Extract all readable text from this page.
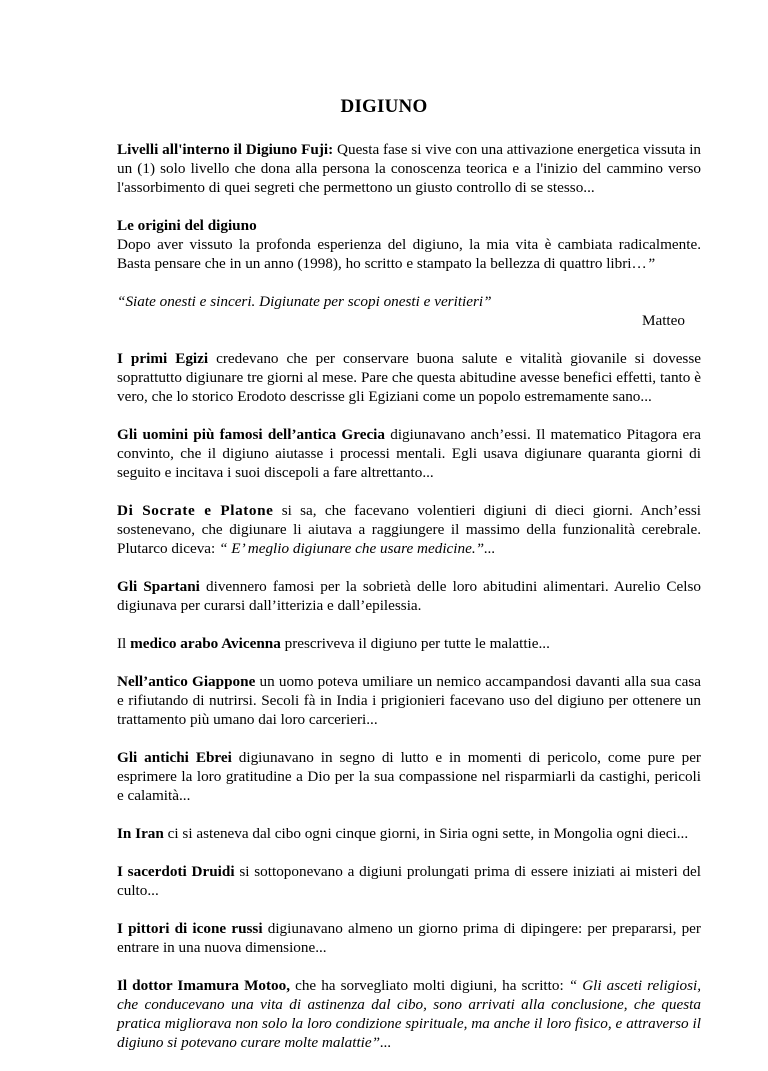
DIGIUNO

Livelli all'interno il Digiuno Fuji: Questa fase si vive con una attivazione energetica vissuta in un (1) solo livello che dona alla persona la conoscenza teorica e a l'inizio del cammino verso l'assorbimento di quei segreti che permettono un giusto controllo di se stesso...

Le origini del digiuno
Dopo aver vissuto la profonda esperienza del digiuno, la mia vita è cambiata radicalmente. Basta pensare che in un anno (1998), ho scritto e stampato la bellezza di quattro libri…”

“Siate onesti e sinceri. Digiunate per scopi onesti e veritieri”

Matteo

I primi Egizi credevano che per conservare buona salute e vitalità giovanile si dovesse soprattutto digiunare tre giorni al mese. Pare che questa abitudine avesse benefici effetti, tanto è vero, che lo storico Erodoto descrisse gli Egiziani come un popolo estremamente sano...

Gli uomini più famosi dell’antica Grecia digiunavano anch’essi. Il matematico Pitagora era convinto, che il digiuno aiutasse i processi mentali. Egli usava digiunare quaranta giorni di seguito e incitava i suoi discepoli a fare altrettanto...

Di Socrate e Platone si sa, che facevano volentieri digiuni di dieci giorni. Anch’essi sostenevano, che digiunare li aiutava a raggiungere il massimo della funzionalità cerebrale. Plutarco diceva: “ E’ meglio digiunare che usare medicine.”...

Gli Spartani divennero famosi per la sobrietà delle loro abitudini alimentari. Aurelio Celso digiunava per curarsi dall’itterizia e dall’epilessia.

Il medico arabo Avicenna prescriveva il digiuno per tutte le malattie...

Nell’antico Giappone un uomo poteva umiliare un nemico accampandosi davanti alla sua casa e rifiutando di nutrirsi. Secoli fà in India i prigionieri facevano uso del digiuno per ottenere un trattamento più umano dai loro carcerieri...

Gli antichi Ebrei digiunavano in segno di lutto e in momenti di pericolo, come pure per esprimere la loro gratitudine a Dio per la sua compassione nel risparmiarli da castighi, pericoli e calamità...

In Iran ci si asteneva dal cibo ogni cinque giorni, in Siria ogni sette, in Mongolia ogni dieci...

I sacerdoti Druidi si sottoponevano a digiuni prolungati prima di essere iniziati ai misteri del culto...

I pittori di icone russi digiunavano almeno un giorno prima di dipingere: per prepararsi, per entrare in una nuova dimensione...

Il dottor Imamura Motoo, che ha sorvegliato molti digiuni, ha scritto: “ Gli asceti religiosi, che conducevano una vita di astinenza dal cibo, sono arrivati alla conclusione, che questa pratica migliorava non solo la loro condizione spirituale, ma anche il loro fisico, e attraverso il digiuno si potevano curare molte malattie”...
